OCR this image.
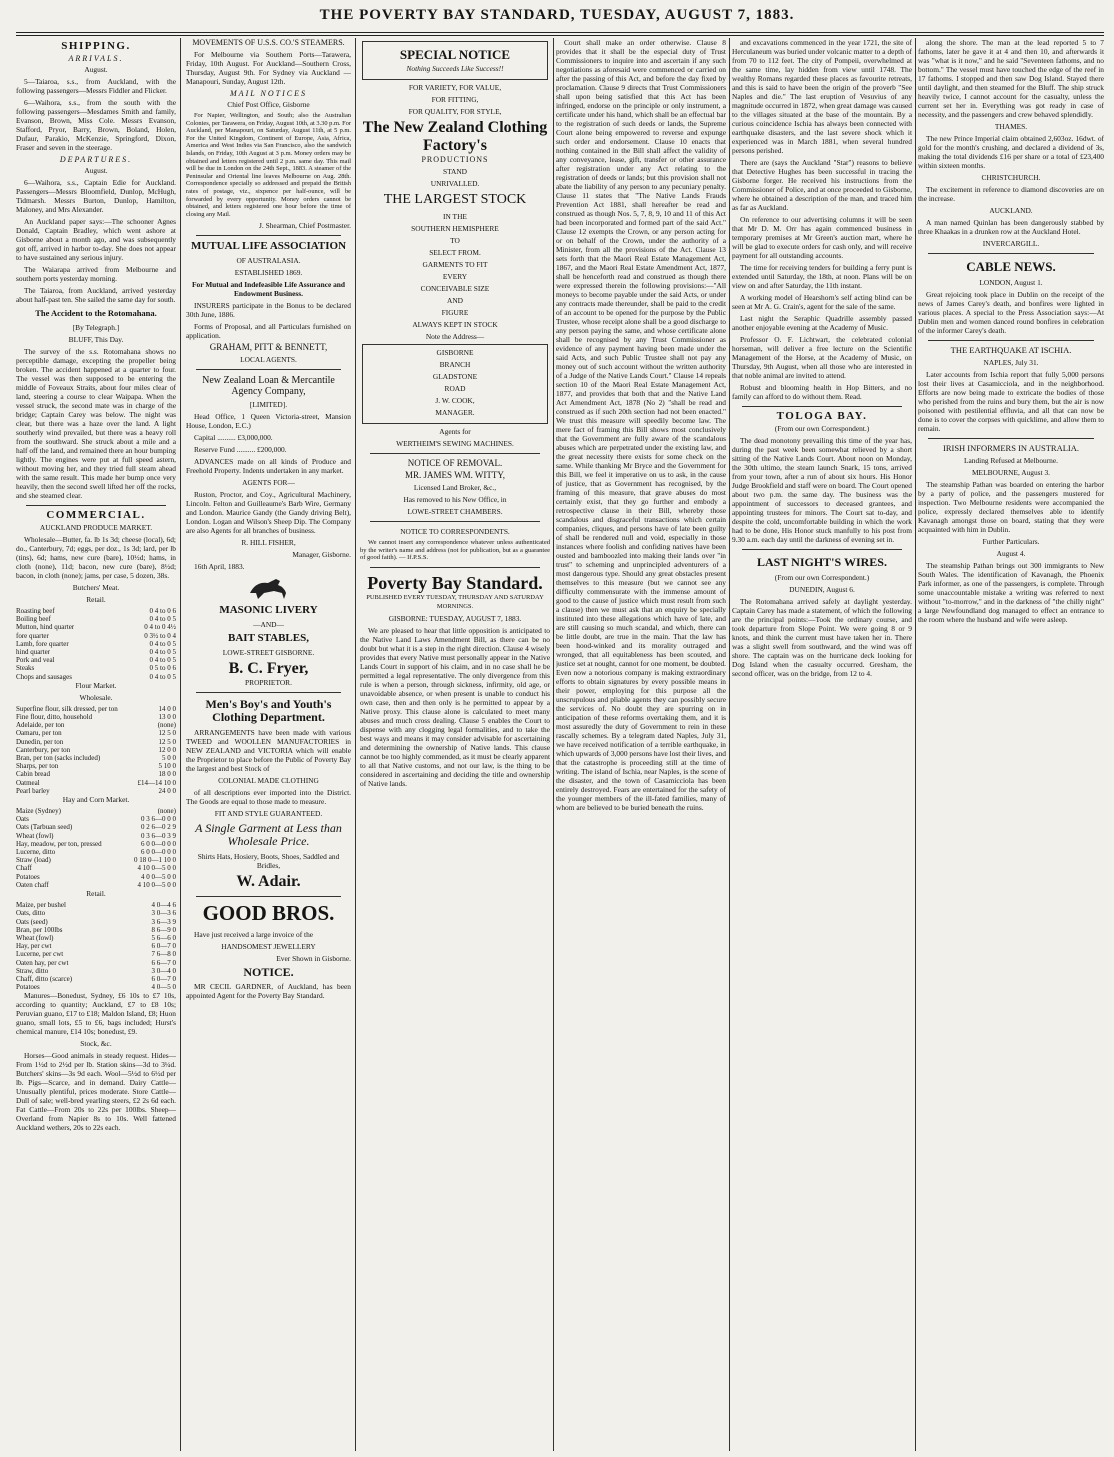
THE POVERTY BAY STANDARD, TUESDAY, AUGUST 7, 1883.
SHIPPING.
ARRIVALS.

August.

5—Taiaroa, s.s., from Auckland, with the following passengers—Messrs Fiddler and Flicker.

6—Waihora, s.s., from the south with the following passengers—Mesdames Smith and family, Evanson, Brown, Miss Cole. Messrs Evanson, Stafford, Pryor, Barry, Brown, Boland, Holen, Dufaur, Parakio, McKenzie, Springford, Dixon, Fraser and seven in the steerage.

DEPARTURES.

August.

6—Waihora, s.s., Captain Edie for Auckland. Passengers—Messrs Bloomfield, Dunlop, McHugh, Tidmarsh. Messrs Burton, Dunlop, Hamilton, Maloney, and Mrs Alexander.

An Auckland paper says:—The schooner Agnes Donald, Captain Bradley, which went ashore at Gisborne about a month ago, and was subsequently got off, arrived in harbor to-day. She does not appear to have sustained any serious injury.

The Waiarapa arrived from Melbourne and southern ports yesterday morning.

The Taiaroa, from Auckland, arrived yesterday about half-past ten. She sailed the same day for south.

The Accident to the Rotomahana.

[By Telegraph.]

BLUFF, This Day.

The survey of the s.s. Rotomahana shows no perceptible damage, excepting the propeller being broken. The accident happened at a quarter to four. The vessel was then supposed to be entering the middle of Foveaux Straits, about four miles clear of land, steering a course to clear Waipapa. When the vessel struck, the second mate was in charge of the bridge; Captain Carey was below. The night was clear, but there was a haze over the land. A light southerly wind prevailed, but there was a heavy roll from the southward. She struck about a mile and a half off the land, and remained there an hour bumping lightly. The engines were put at full speed astern, without moving her, and they tried full steam ahead with the same result. This made her bump once very heavily, then the second swell lifted her off the rocks, and she steamed clear.

COMMERCIAL.

AUCKLAND PRODUCE MARKET.

Wholesale—Butter, fa. lb 1s 3d; cheese (local), 6d; do., Canterbury, 7d; eggs, per doz., 1s 3d; lard, per lb (tins), 6d; hams, new cure (bare), 10½d; hams, in cloth (none), 11d; bacon, new cure (bare), 8½d; bacon, in cloth (none); jams, per case, 5 dozen, 38s.

Butchers' Meat.

Retail.

Roasting beef	0 4 to 0 6
Boiling beef	0 4 to 0 5
Mutton, hind quarter	0 4 to 0 4½
fore quarter	0 3½ to 0 4
Lamb, fore quarter	0 4 to 0 5
hind quarter	0 4 to 0 5
Pork and veal	0 4 to 0 5
Steaks	0 5 to 0 6
Chops and sausages	0 4 to 0 5

Flour Market.

Wholesale.

Superfine flour, silk dressed, per ton	14 0 0
Fine flour, ditto, household	13 0 0
Adelaide, per ton	(none)
Oamaru, per ton	12 5 0
Dunedin, per ton	12 5 0
Canterbury, per ton	12 0 0
Bran, per ton (sacks included)	5 0 0
Sharps, per ton	5 10 0
Cabin bread	18 0 0
Oatmeal	£14—14 10 0
Pearl barley	24 0 0

Hay and Corn Market.

Maize (Sydney)	(none)
Oats	0 3 6—0 0 0
Oats (Tarbuan seed)	0 2 6—0 2 9
Wheat (fowl)	0 3 6—0 3 9
Hay, meadow, per ton, pressed	6 0 0—0 0 0
Lucerne, ditto	6 0 0—0 0 0
Straw (load)	0 18 0—1 10 0
Chaff	4 10 0—5 0 0
Potatoes	4 0 0—5 0 0
Oaten chaff	4 10 0—5 0 0

Retail.

Maize, per bushel	4 0—4 6
Oats, ditto	3 0—3 6
Oats (seed)	3 6—3 9
Bran, per 100lbs	8 6—9 0
Wheat (fowl)	5 6—6 0
Hay, per cwt	6 0—7 0
Lucerne, per cwt	7 6—8 0
Oaten hay, per cwt	6 6—7 0
Straw, ditto	3 0—4 0
Chaff, ditto (scarce)	6 0—7 0
Potatoes	4 0—5 0

Manures—Bonedust, Sydney, £6 10s to £7 10s, according to quantity; Auckland, £7 to £8 10s; Peruvian guano, £17 to £18; Maldon Island, £8; Huon guano, small lots, £5 to £6, bags included; Hurst's chemical manure, £14 10s; bonedust, £9.

Stock, &c.

Horses—Good animals in steady request. Hides—From 1½d to 2½d per lb. Station skins—3d to 3¼d. Butchers' skins—3s 9d each. Wool—5½d to 6½d per lb. Pigs—Scarce, and in demand. Dairy Cattle—Unusually plentiful, prices moderate. Store Cattle—Dull of sale; well-bred yearling steers, £2 2s 6d each. Fat Cattle—From 20s to 22s per 100lbs. Sheep—Overland from Napier 8s to 10s. Well fattened Auckland wethers, 20s to 22s each.

MOVEMENTS OF U.S.S. CO.'S STEAMERS.

For Melbourne via Southern Ports—Tarawera, Friday, 10th August. For Auckland—Southern Cross, Thursday, August 9th. For Sydney via Auckland — Manapouri, Sunday, August 12th.

MAIL NOTICES

Chief Post Office, Gisborne

For Napier, Wellington, and South; also the Australian Colonies, per Tarawera, on Friday, August 10th, at 3.30 p.m. For Auckland, per Manapouri, on Saturday, August 11th, at 5 p.m. For the United Kingdom, Continent of Europe, Asia, Africa, America and West Indies via San Francisco, also the sandwich Islands, on Friday, 10th August at 3 p.m. Money orders may be obtained and letters registered until 2 p.m. same day. This mail will be due in London on the 24th Sept., 1883. A steamer of the Peninsular and Oriental line leaves Melbourne on Aug. 28th. Correspondence specially so addressed and prepaid the British rates of postage, viz., sixpence per half-ounce, will be forwarded by every opportunity. Money orders cannot be obtained, and letters registered one hour before the time of closing any Mail.

J. Shearman, Chief Postmaster.

MUTUAL LIFE ASSOCIATION

OF AUSTRALASIA.

ESTABLISHED 1869.

For Mutual and Indefeasible Life Assurance and Endowment Business.

INSURERS participate in the Bonus to be declared 30th June, 1886.

Forms of Proposal, and all Particulars furnished on application.

GRAHAM, PITT & BENNETT,

LOCAL AGENTS.

New Zealand Loan & Mercantile Agency Company,

[LIMITED].

Head Office, 1 Queen Victoria-street, Mansion House, London, E.C.)

Capital .......... £3,000,000.

Reserve Fund .......... £200,000.

ADVANCES made on all kinds of Produce and Freehold Property. Indents undertaken in any market.

AGENTS FOR—

Ruston, Proctor, and Coy., Agricultural Machinery, Lincoln. Felton and Guilleaume's Barb Wire, Germany and London. Maurice Gandy (the Gandy driving Belt), London. Logan and Wilson's Sheep Dip. The Company are also Agents for all branches of business.

R. HILL FISHER,

Manager, Gisborne.

16th April, 1883.

MASONIC LIVERY

—AND—

BAIT STABLES,

LOWE-STREET GISBORNE.

B. C. Fryer,

PROPRIETOR.

Men's Boy's and Youth's Clothing Department.

ARRANGEMENTS have been made with various TWEED and WOOLLEN MANUFACTORIES in NEW ZEALAND and VICTORIA which will enable the Proprietor to place before the Public of Poverty Bay the largest and best Stock of

COLONIAL MADE CLOTHING

of all descriptions ever imported into the District. The Goods are equal to those made to measure.

FIT AND STYLE GUARANTEED.

A Single Garment at Less than Wholesale Price.

Shirts Hats, Hosiery, Boots, Shoes, Saddled and Bridles,

W. Adair.
GOOD BROS.

Have just received a large invoice of the

HANDSOMEST JEWELLERY

Ever Shown in Gisborne.

NOTICE.

MR CECIL GARDNER, of Auckland, has been appointed Agent for the Poverty Bay Standard.

SPECIAL NOTICE

Nothing Succeeds Like Success!!

FOR VARIETY, FOR VALUE,

FOR FITTING,

FOR QUALITY, FOR STYLE,

The New Zealand Clothing Factory's

PRODUCTIONS

STAND

UNRIVALLED.

THE LARGEST STOCK

IN THE

SOUTHERN HEMISPHERE

TO

SELECT FROM.

GARMENTS TO FIT

EVERY

CONCEIVABLE SIZE

AND

FIGURE

ALWAYS KEPT IN STOCK

Note the Address—

GISBORNE

BRANCH

GLADSTONE

ROAD

J. W. COOK,

MANAGER.

Agents for

WERTHEIM'S SEWING MACHINES.

NOTICE OF REMOVAL.

MR. JAMES WM. WITTY,

Licensed Land Broker, &c.,

Has removed to his New Office, in

LOWE-STREET CHAMBERS.

NOTICE TO CORRESPONDENTS.

We cannot insert any correspondence whatever unless authenticated by the writer's name and address (not for publication, but as a guarantee of good faith). — If.P.S.S.

Poverty Bay Standard.

PUBLISHED EVERY TUESDAY, THURSDAY AND SATURDAY MORNINGS.

GISBORNE: TUESDAY, AUGUST 7, 1883.

We are pleased to hear that little opposition is anticipated to the Native Land Laws Amendment Bill, as there can be no doubt but what it is a step in the right direction. Clause 4 wisely provides that every Native must personally appear in the Native Lands Court in support of his claim, and in no case shall he be permitted a legal representative. The only divergence from this rule is when a person, through sickness, infirmity, old age, or unavoidable absence, or when present is unable to conduct his own case, then and then only is he permitted to appear by a Native proxy. This clause alone is calculated to meet many abuses and much cross dealing. Clause 5 enables the Court to dispense with any clogging legal formalities, and to take the best ways and means it may consider advisable for ascertaining and determining the ownership of Native lands. This clause cannot be too highly commended, as it must be clearly apparent to all that Native customs, and not our law, is the thing to be considered in ascertaining and deciding the title and ownership of Native lands.

Court shall make an order otherwise. Clause 8 provides that it shall be the especial duty of Trust Commissioners to inquire into and ascertain if any such negotiations as aforesaid were commenced or carried on after the passing of this Act, and before the day fixed by proclamation. Clause 9 directs that Trust Commissioners shall upon being satisfied that this Act has been infringed, endorse on the principle or only instrument, a certificate under his hand, which shall be an effectual bar to the registration of such deeds or lands, the Supreme Court alone being empowered to reverse and expunge such order and endorsement. Clause 10 enacts that nothing contained in the Bill shall affect the validity of any conveyance, lease, gift, transfer or other assurance after registration under any Act relating to the registration of deeds or lands; but this provision shall not abate the liability of any person to any pecuniary penalty. Clause 11 states that "The Native Lands Frauds Prevention Act 1881, shall hereafter be read and construed as though Nos. 5, 7, 8, 9, 10 and 11 of this Act had been incorporated and formed part of the said Act." Clause 12 exempts the Crown, or any person acting for or on behalf of the Crown, under the authority of a Minister, from all the provisions of the Act. Clause 13 sets forth that the Maori Real Estate Management Act, 1867, and the Maori Real Estate Amendment Act, 1877, shall be henceforth read and construed as though there were expressed therein the following provisions:—"All moneys to become payable under the said Acts, or under any contracts made thereunder, shall be paid to the credit of an account to be opened for the purpose by the Public Trustee, whose receipt alone shall be a good discharge to any person paying the same, and whose certificate alone shall be recognised by any Trust Commissioner as evidence of any payment having been made under the said Acts, and such Public Trustee shall not pay any money out of such account without the written authority of a Judge of the Native Lands Court." Clause 14 repeals section 10 of the Maori Real Estate Management Act, 1877, and provides that both that and the Native Land Act Amendment Act, 1878 (No 2) "shall be read and construed as if such 20th section had not been enacted." We trust this measure will speedily become law. The mere fact of framing this Bill shows most conclusively that the Government are fully aware of the scandalous abuses which are perpetrated under the existing law, and the great necessity there exists for some check on the same. While thanking Mr Bryce and the Government for this Bill, we feel it imperative on us to ask, in the cause of justice, that as Government has recognised, by the framing of this measure, that grave abuses do most certainly exist, that they go further and embody a retrospective clause in their Bill, whereby those scandalous and disgraceful transactions which certain companies, cliques, and persons have of late been guilty of shall be rendered null and void, especially in those instances where foolish and confiding natives have been ousted and bamboozled into making their lands over "in trust" to scheming and unprincipled adventurers of a most dangerous type. Should any great obstacles present themselves to this measure (but we cannot see any difficulty commensurate with the immense amount of good to the cause of justice which must result from such a clause) then we must ask that an enquiry be specially instituted into these allegations which have of late, and are still causing so much scandal, and which, there can be little doubt, are true in the main. That the law has been hood-winked and its morality outraged and wronged, that all equitableness has been scouted, and justice set at nought, cannot for one moment, be doubted. Even now a notorious company is making extraordinary efforts to obtain signatures by every possible means in their power, employing for this purpose all the unscrupulous and pliable agents they can possibly secure the services of. No doubt they are spurring on in anticipation of these reforms overtaking them, and it is most assuredly the duty of Government to rein in these rascally schemes. By a telegram dated Naples, July 31, we have received notification of a terrible earthquake, in which upwards of 3,000 persons have lost their lives, and that the catastrophe is proceeding still at the time of writing. The island of Ischia, near Naples, is the scene of the disaster, and the town of Casamicciola has been entirely destroyed. Fears are entertained for the safety of the younger members of the ill-fated families, many of whom are believed to be buried beneath the ruins.

and excavations commenced in the year 1721, the site of Herculaneum was buried under volcanic matter to a depth of from 70 to 112 feet. The city of Pompeii, overwhelmed at the same time, lay hidden from view until 1748. The wealthy Romans regarded these places as favourite retreats, and this is said to have been the origin of the proverb "See Naples and die." The last eruption of Vesuvius of any magnitude occurred in 1872, when great damage was caused to the villages situated at the base of the mountain. By a curious coincidence Ischia has always been connected with earthquake disasters, and the last severe shock which it experienced was in March 1881, when several hundred persons perished.

There are (says the Auckland "Star") reasons to believe that Detective Hughes has been successful in tracing the Gisborne forger. He received his instructions from the Commissioner of Police, and at once proceeded to Gisborne, where he obtained a description of the man, and traced him as far as Auckland.

On reference to our advertising columns it will be seen that Mr D. M. Orr has again commenced business in temporary premises at Mr Green's auction mart, where he will be glad to execute orders for cash only, and will receive payment for all outstanding accounts.

The time for receiving tenders for building a ferry punt is extended until Saturday, the 18th, at noon. Plans will be on view on and after Saturday, the 11th instant.

A working model of Hearshorn's self acting blind can be seen at Mr A. G. Crain's, agent for the sale of the same.

Last night the Seraphic Quadrille assembly passed another enjoyable evening at the Academy of Music.

Professor O. F. Lichtwart, the celebrated colonial horseman, will deliver a free lecture on the Scientific Management of the Horse, at the Academy of Music, on Thursday, 9th August, when all those who are interested in that noble animal are invited to attend.

Robust and blooming health in Hop Bitters, and no family can afford to do without them. Read.

TOLOGA BAY.

(From our own Correspondent.)

The dead monotony prevailing this time of the year has, during the past week been somewhat relieved by a short sitting of the Native Lands Court. About noon on Monday, the 30th ultimo, the steam launch Snark, 15 tons, arrived from your town, after a run of about six hours. His Honor Judge Brookfield and staff were on board. The Court opened about two p.m. the same day. The business was the appointment of successors to deceased grantees, and appointing trustees for minors. The Court sat to-day, and despite the cold, uncomfortable building in which the work had to be done, His Honor stuck manfully to his post from 9.30 a.m. each day until the darkness of evening set in.

LAST NIGHT'S WIRES.

(From our own Correspondent.)

DUNEDIN, August 6.

The Rotomahana arrived safely at daylight yesterday. Captain Carey has made a statement, of which the following are the principal points:—Took the ordinary course, and took departure from Slope Point. We were going 8 or 9 knots, and think the current must have taken her in. There was a slight swell from southward, and the wind was off shore. The captain was on the hurricane deck looking for Dog Island when the casualty occurred. Gresham, the second officer, was on the bridge, from 12 to 4.

along the shore. The man at the lead reported 5 to 7 fathoms, later he gave it at 4 and then 10, and afterwards it was "what is it now," and he said "Seventeen fathoms, and no bottom." The vessel must have touched the edge of the reef in 17 fathoms. I stopped and then saw Dog Island. Stayed there until daylight, and then steamed for the Bluff. The ship struck heavily twice, I cannot account for the casualty, unless the current set her in. Everything was got ready in case of necessity, and the passengers and crew behaved splendidly.

THAMES.

The new Prince Imperial claim obtained 2,603oz. 16dwt. of gold for the month's crushing, and declared a dividend of 3s, making the total dividends £16 per share or a total of £23,400 within sixteen months.

CHRISTCHURCH.

The excitement in reference to diamond discoveries are on the increase.

AUCKLAND.

A man named Quinlan has been dangerously stabbed by three Khaakas in a drunken row at the Auckland Hotel.

INVERCARGILL.

CABLE NEWS.

LONDON, August 1.

Great rejoicing took place in Dublin on the receipt of the news of James Carey's death, and bonfires were lighted in various places. A special to the Press Association says:—At Dublin men and women danced round bonfires in celebration of the informer Carey's death.

THE EARTHQUAKE AT ISCHIA.

NAPLES, July 31.

Later accounts from Ischia report that fully 5,000 persons lost their lives at Casamicciola, and in the neighborhood. Efforts are now being made to extricate the bodies of those who perished from the ruins and bury them, but the air is now poisoned with pestilential effluvia, and all that can now be done is to cover the corpses with quicklime, and allow them to remain.

IRISH INFORMERS IN AUSTRALIA.

Landing Refused at Melbourne.

MELBOURNE, August 3.

The steamship Pathan was boarded on entering the harbor by a party of police, and the passengers mustered for inspection. Two Melbourne residents were accompanied the police, expressly declared themselves able to identify Kavanagh amongst those on board, stating that they were acquainted with him in Dublin.

Further Particulars.

August 4.

The steamship Pathan brings out 300 immigrants to New South Wales. The identification of Kavanagh, the Phoenix Park informer, as one of the passengers, is complete. Through some unaccountable mistake a writing was referred to next without "to-morrow," and in the darkness of "the chilly night" a large Newfoundland dog managed to effect an entrance to the room where the husband and wife were asleep.
